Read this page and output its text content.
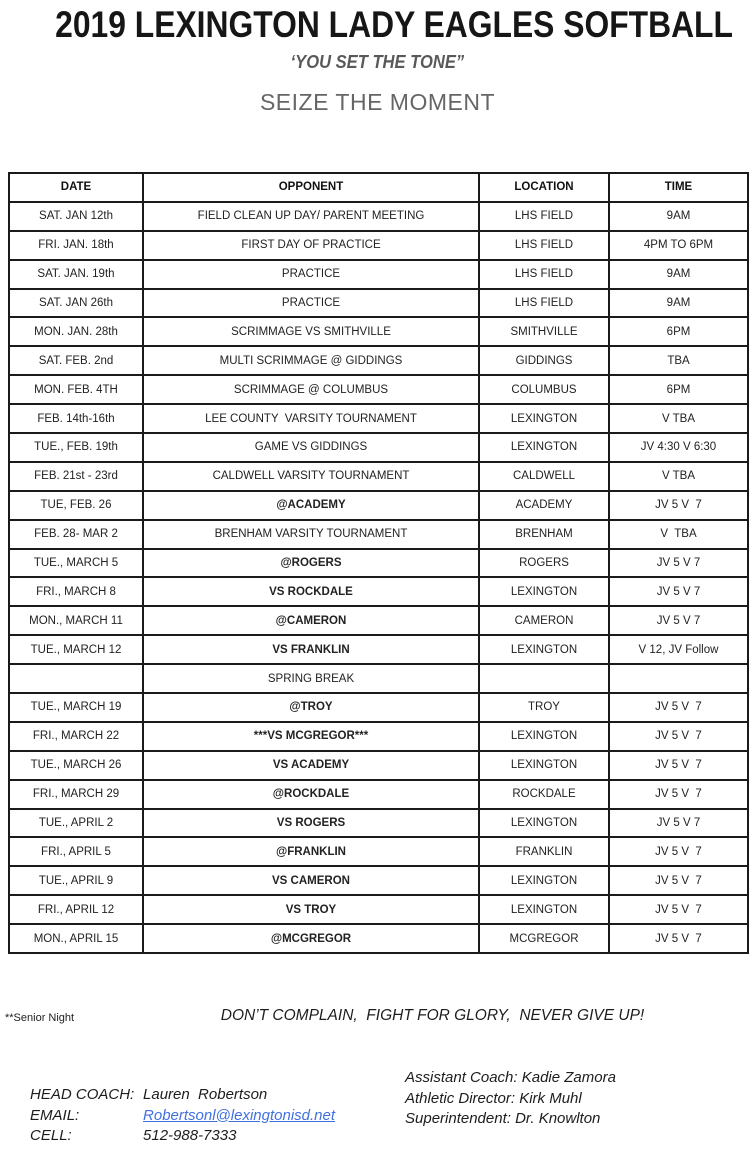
2019 LEXINGTON LADY EAGLES SOFTBALL
‘YOU SET THE TONE”
SEIZE THE MOMENT
DATE	OPPONENT	LOCATION	TIME
SAT. JAN 12th	FIELD CLEAN UP DAY/ PARENT MEETING	LHS FIELD	9AM
FRI. JAN. 18th	FIRST DAY OF PRACTICE	LHS FIELD	4PM TO 6PM
SAT. JAN. 19th	PRACTICE	LHS FIELD	9AM
SAT. JAN 26th	PRACTICE	LHS FIELD	9AM
MON. JAN. 28th	SCRIMMAGE VS SMITHVILLE	SMITHVILLE	6PM
SAT. FEB. 2nd	MULTI SCRIMMAGE @ GIDDINGS	GIDDINGS	TBA
MON. FEB. 4TH	SCRIMMAGE @ COLUMBUS	COLUMBUS	6PM
FEB. 14th-16th	LEE COUNTY  VARSITY TOURNAMENT	LEXINGTON	V TBA
TUE., FEB. 19th	GAME VS GIDDINGS	LEXINGTON	JV 4:30 V 6:30
FEB. 21st - 23rd	CALDWELL VARSITY TOURNAMENT	CALDWELL	V TBA
TUE, FEB. 26	@ACADEMY	ACADEMY	JV 5 V  7
FEB. 28- MAR 2	BRENHAM VARSITY TOURNAMENT	BRENHAM	V  TBA
TUE., MARCH 5	@ROGERS	ROGERS	JV 5 V 7
FRI., MARCH 8	VS ROCKDALE	LEXINGTON	JV 5 V 7
MON., MARCH 11	@CAMERON	CAMERON	JV 5 V 7
TUE., MARCH 12	VS FRANKLIN	LEXINGTON	V 12, JV Follow
	SPRING BREAK		
TUE., MARCH 19	@TROY	TROY	JV 5 V  7
FRI., MARCH 22	***VS MCGREGOR***	LEXINGTON	JV 5 V  7
TUE., MARCH 26	VS ACADEMY	LEXINGTON	JV 5 V  7
FRI., MARCH 29	@ROCKDALE	ROCKDALE	JV 5 V  7
TUE., APRIL 2	VS ROGERS	LEXINGTON	JV 5 V 7
FRI., APRIL 5	@FRANKLIN	FRANKLIN	JV 5 V  7
TUE., APRIL 9	VS CAMERON	LEXINGTON	JV 5 V  7
FRI., APRIL 12	VS TROY	LEXINGTON	JV 5 V  7
MON., APRIL 15	@MCGREGOR	MCGREGOR	JV 5 V  7
**Senior Night	DON’T COMPLAIN,  FIGHT FOR GLORY,  NEVER GIVE UP!

HEAD COACH: Lauren  Robertson

EMAIL:	Robertsonl@lexingtonisd.net

CELL:	512-988-7333

Assistant Coach: Kadie Zamora
Athletic Director: Kirk Muhl
Superintendent: Dr. Knowlton
